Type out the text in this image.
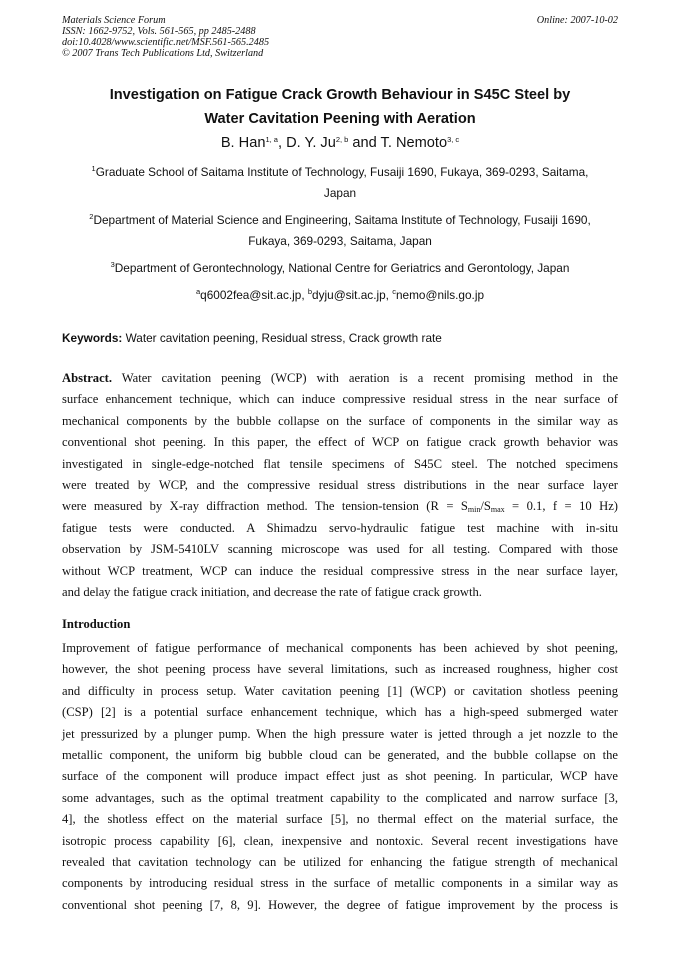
Materials Science Forum
ISSN: 1662-9752, Vols. 561-565, pp 2485-2488
doi:10.4028/www.scientific.net/MSF.561-565.2485
© 2007 Trans Tech Publications Ltd, Switzerland
Online: 2007-10-02
Investigation on Fatigue Crack Growth Behaviour in S45C Steel by
Water Cavitation Peening with Aeration
B. Han$^{1, a}$, D. Y. Ju$^{2, b}$ and T. Nemoto$^{3, c}$
$^1$Graduate School of Saitama Institute of Technology, Fusaiji 1690, Fukaya, 369-0293, Saitama,
Japan
$^2$Department of Material Science and Engineering, Saitama Institute of Technology, Fusaiji 1690,
Fukaya, 369-0293, Saitama, Japan
$^3$Department of Gerontechnology, National Centre for Geriatrics and Gerontology, Japan
$^a$q6002fea@sit.ac.jp, $^b$dyju@sit.ac.jp, $^c$nemo@nils.go.jp
Keywords: Water cavitation peening, Residual stress, Crack growth rate
Abstract. Water cavitation peening (WCP) with aeration is a recent promising method in the
surface enhancement technique, which can induce compressive residual stress in the near surface of
mechanical components by the bubble collapse on the surface of components in the similar way as
conventional shot peening. In this paper, the effect of WCP on fatigue crack growth behavior was
investigated in single-edge-notched flat tensile specimens of S45C steel. The notched specimens
were treated by WCP, and the compressive residual stress distributions in the near surface layer
were measured by X-ray diffraction method. The tension-tension ($R = S_{min}/S_{max} = 0.1$, f = 10 Hz)
fatigue tests were conducted. A Shimadzu servo-hydraulic fatigue test machine with in-situ
observation by JSM-5410LV scanning microscope was used for all testing. Compared with those
without WCP treatment, WCP can induce the residual compressive stress in the near surface layer,
and delay the fatigue crack initiation, and decrease the rate of fatigue crack growth.
Introduction
Improvement of fatigue performance of mechanical components has been achieved by shot peening,
however, the shot peening process have several limitations, such as increased roughness, higher cost
and difficulty in process setup. Water cavitation peening [1] (WCP) or cavitation shotless peening
(CSP) [2] is a potential surface enhancement technique, which has a high-speed submerged water
jet pressurized by a plunger pump. When the high pressure water is jetted through a jet nozzle to the
metallic component, the uniform big bubble cloud can be generated, and the bubble collapse on the
surface of the component will produce impact effect just as shot peening. In particular, WCP have
some advantages, such as the optimal treatment capability to the complicated and narrow surface [3,
4], the shotless effect on the material surface [5], no thermal effect on the material surface, the
isotropic process capability [6], clean, inexpensive and nontoxic. Several recent investigations have
revealed that cavitation technology can be utilized for enhancing the fatigue strength of mechanical
components by introducing residual stress in the surface of metallic components in a similar way as
conventional shot peening [7, 8, 9]. However, the degree of fatigue improvement by the process is
